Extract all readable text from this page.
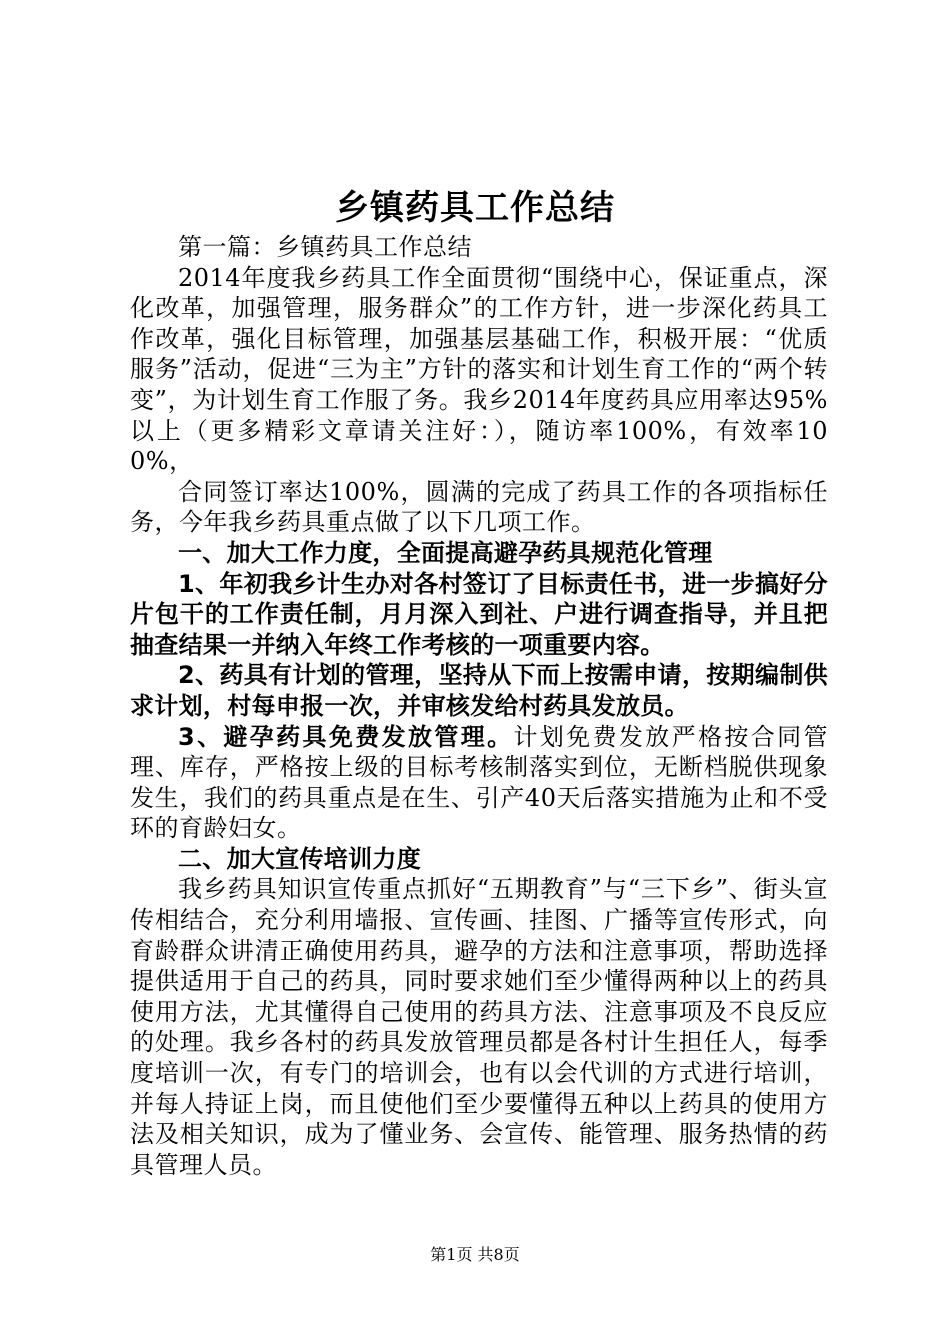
乡镇药具工作总结

第一篇：乡镇药具工作总结

2014年度我乡药具工作全面贯彻“围绕中心，保证重点，深化改革，加强管理，服务群众”的工作方针，进一步深化药具工作改革，强化目标管理，加强基层基础工作，积极开展：“优质服务”活动，促进“三为主”方针的落实和计划生育工作的“两个转变”，为计划生育工作服了务。我乡2014年度药具应用率达95%以上（更多精彩文章请关注好：），随访率100%，有效率100%，

合同签订率达100%，圆满的完成了药具工作的各项指标任务，今年我乡药具重点做了以下几项工作。

一、加大工作力度，全面提高避孕药具规范化管理

1、年初我乡计生办对各村签订了目标责任书，进一步搞好分片包干的工作责任制，月月深入到社、户进行调查指导，并且把抽查结果一并纳入年终工作考核的一项重要内容。

2、药具有计划的管理，坚持从下而上按需申请，按期编制供求计划，村每申报一次，并审核发给村药具发放员。

3、避孕药具免费发放管理。计划免费发放严格按合同管理、库存，严格按上级的目标考核制落实到位，无断档脱供现象发生，我们的药具重点是在生、引产40天后落实措施为止和不受环的育龄妇女。

二、加大宣传培训力度

我乡药具知识宣传重点抓好“五期教育”与“三下乡”、街头宣传相结合，充分利用墙报、宣传画、挂图、广播等宣传形式，向育龄群众讲清正确使用药具，避孕的方法和注意事项，帮助选择提供适用于自己的药具，同时要求她们至少懂得两种以上的药具使用方法，尤其懂得自己使用的药具方法、注意事项及不良反应的处理。我乡各村的药具发放管理员都是各村计生担任人，每季度培训一次，有专门的培训会，也有以会代训的方式进行培训，并每人持证上岗，而且使他们至少要懂得五种以上药具的使用方法及相关知识，成为了懂业务、会宣传、能管理、服务热情的药具管理人员。

第1页 共8页
